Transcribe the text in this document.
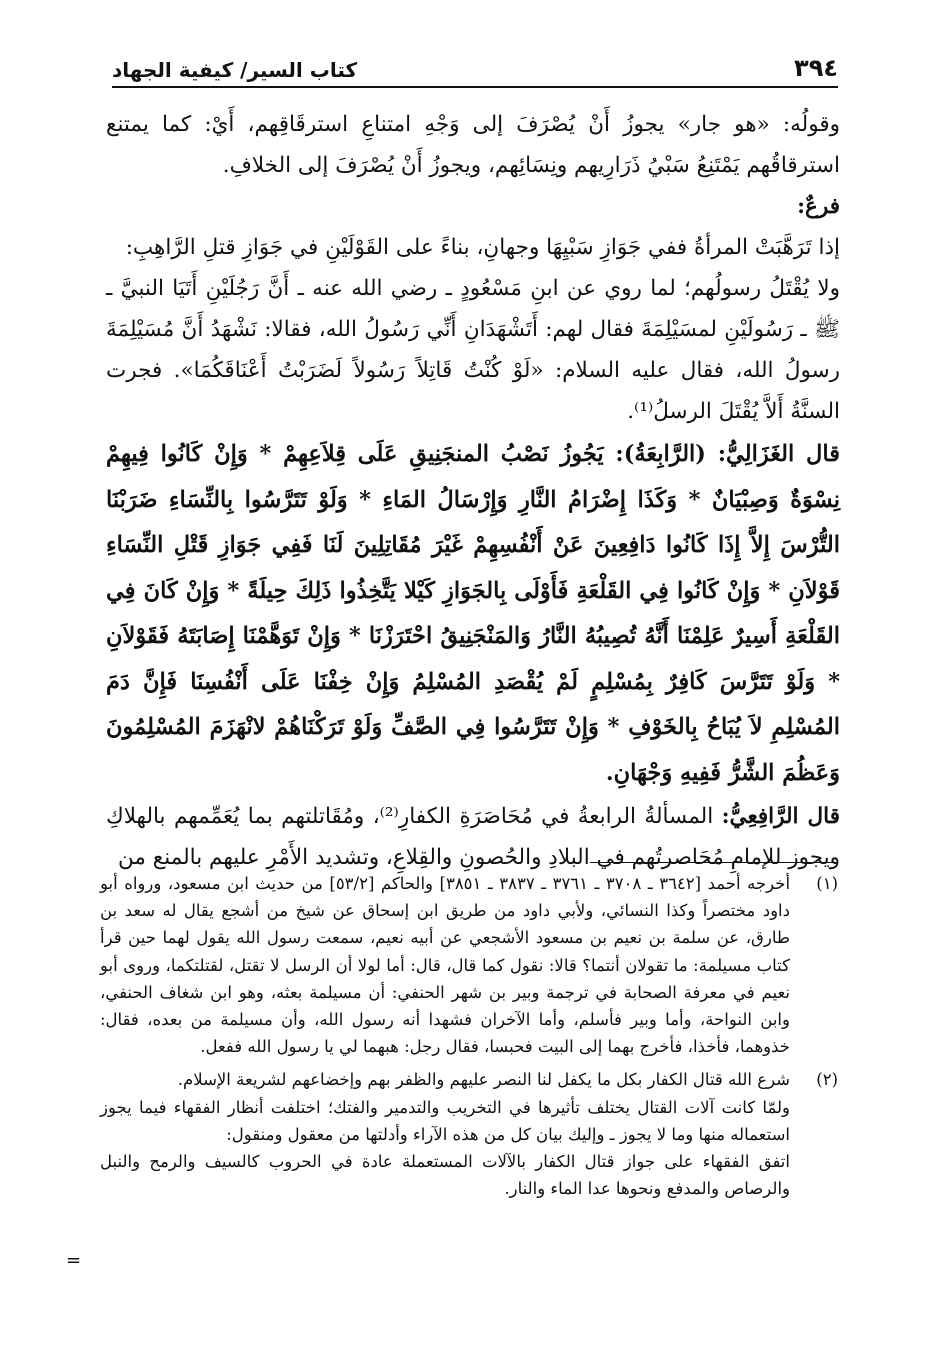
٣٩٤
كتاب السير/ كيفية الجهاد

وقولُه: «هو جار» يجوزُ أَنْ يُصْرَفَ إلى وَجْهِ امتناعِ استرقَاقِهم، أَيْ: كما يمتنع استرقاقُهم يَمْتَنِعُ سَبْيُ ذَرَارِيهم ونِسَائِهم، ويجوزُ أَنْ يُصْرَفَ إلى الخلافِ.

فرعٌ:

إذا تَرَهَّبَتْ المرأةُ ففي جَوَازِ سَبْيِهَا وجهانِ، بناءً على القَوْلَيْنِ في جَوَازِ قتلِ الرَّاهِبِ:

ولا يُقْتَلُ رسولُهم؛ لما روي عن ابنِ مَسْعُودٍ ـ رضي الله عنه ـ أَنَّ رَجُلَيْنِ أَتَيَا النبيَّ ـ ﷺ ـ رَسُولَيْنِ لمسَيْلِمَةَ فقال لهم: أَتَشْهَدَانِ أَنِّي رَسُولُ الله، فقالا: نَشْهَدُ أَنَّ مُسَيْلِمَةَ رسولُ الله، فقال عليه السلام: «لَوْ كُنْتُ قَاتِلاً رَسُولاً لَضَرَبْتُ أَعْنَاقَكُمَا». فجرت السنَّةُ أَلاَّ يُقْتَلَ الرسلُ⁽¹⁾.

قال الغَزَالِيُّ: (الرَّابِعَةُ): يَجُوزُ نَصْبُ المنجَنِيقِ عَلَى قِلاَعِهِمْ * وَإِنْ كَانُوا فِيهِمْ نِسْوَةٌ وَصِبْيَانٌ * وَكَذَا إِضْرَامُ النَّارِ وَإِرْسَالُ المَاءِ * وَلَوْ تَتَرَّسُوا بِالنِّسَاءِ ضَرَبْنَا التُّرْسَ إِلاَّ إِذَا كَانُوا دَافِعِينَ عَنْ أَنْفُسِهِمْ غَيْرَ مُقَاتِلِينَ لَنَا فَفِي جَوَازِ قَتْلِ النِّسَاءِ قَوْلاَنِ * وَإِنْ كَانُوا فِي القَلْعَةِ فَأَوْلَى بِالجَوَازِ كَيْلا يَتَّخِذُوا ذَلِكَ حِيلَةً * وَإِنْ كَانَ فِي القَلْعَةِ أَسِيرٌ عَلِمْنَا أَنَّهُ تُصِيبُهُ النَّارُ وَالمَنْجَنِيقُ احْتَرَزْنَا * وَإِنْ تَوَهَّمْنَا إِصَابَتَهُ فَقَوْلاَنِ * وَلَوْ تَتَرَّسَ كَافِرٌ بِمُسْلِمٍ لَمْ يُقْصَدِ المُسْلِمُ وَإِنْ خِفْنَا عَلَى أَنْفُسِنَا فَإِنَّ دَمَ المُسْلِمِ لاَ يُبَاحُ بِالخَوْفِ * وَإِنْ تَتَرَّسُوا فِي الصَّفِّ وَلَوْ تَرَكْنَاهُمْ لانْهَزَمَ المُسْلِمُونَ وَعَظُمَ الشَّرُّ فَفِيهِ وَجْهَانِ.

قال الرَّافِعِيُّ: المسألةُ الرابعةُ في مُحَاصَرَةِ الكفارِ⁽²⁾، ومُقَاتلتهم بما يُعَمِّمهم بالهلاكِ ويجوز للإمامِ مُحَاصرتُهم في البلادِ والحُصونِ والقِلاعِ، وتشديد الأَمْرِ عليهم بالمنع من

(١)

أخرجه أحمد [٣٦٤٢ ـ ٣٧٠٨ ـ ٣٧٦١ ـ ٣٨٣٧ ـ ٣٨٥١] والحاكم [٥٣/٢] من حديث ابن مسعود، ورواه أبو داود مختصراً وكذا النسائي، ولأبي داود من طريق ابن إسحاق عن شيخ من أشجع يقال له سعد بن طارق، عن سلمة بن نعيم بن مسعود الأشجعي عن أبيه نعيم، سمعت رسول الله يقول لهما حين قرأ كتاب مسيلمة: ما تقولان أنتما؟ قالا: نقول كما قال، قال: أما لولا أن الرسل لا تقتل، لقتلتكما، وروى أبو نعيم في معرفة الصحابة في ترجمة وبير بن شهر الحنفي: أن مسيلمة بعثه، وهو ابن شغاف الحنفي، وابن النواحة، وأما وبير فأسلم، وأما الآخران فشهدا أنه رسول الله، وأن مسيلمة من بعده، فقال: خذوهما، فأخذا، فأخرج بهما إلى البيت فحبسا، فقال رجل: هبهما لي يا رسول الله ففعل.

(٢)

شرع الله قتال الكفار بكل ما يكفل لنا النصر عليهم والظفر بهم وإخضاعهم لشريعة الإسلام.

ولمّا كانت آلات القتال يختلف تأثيرها في التخريب والتدمير والفتك؛ اختلفت أنظار الفقهاء فيما يجوز استعماله منها وما لا يجوز ـ وإليك بيان كل من هذه الآراء وأدلتها من معقول ومنقول:

اتفق الفقهاء على جواز قتال الكفار بالآلات المستعملة عادة في الحروب كالسيف والرمح والنبل والرصاص والمدفع ونحوها عدا الماء والنار.

=
